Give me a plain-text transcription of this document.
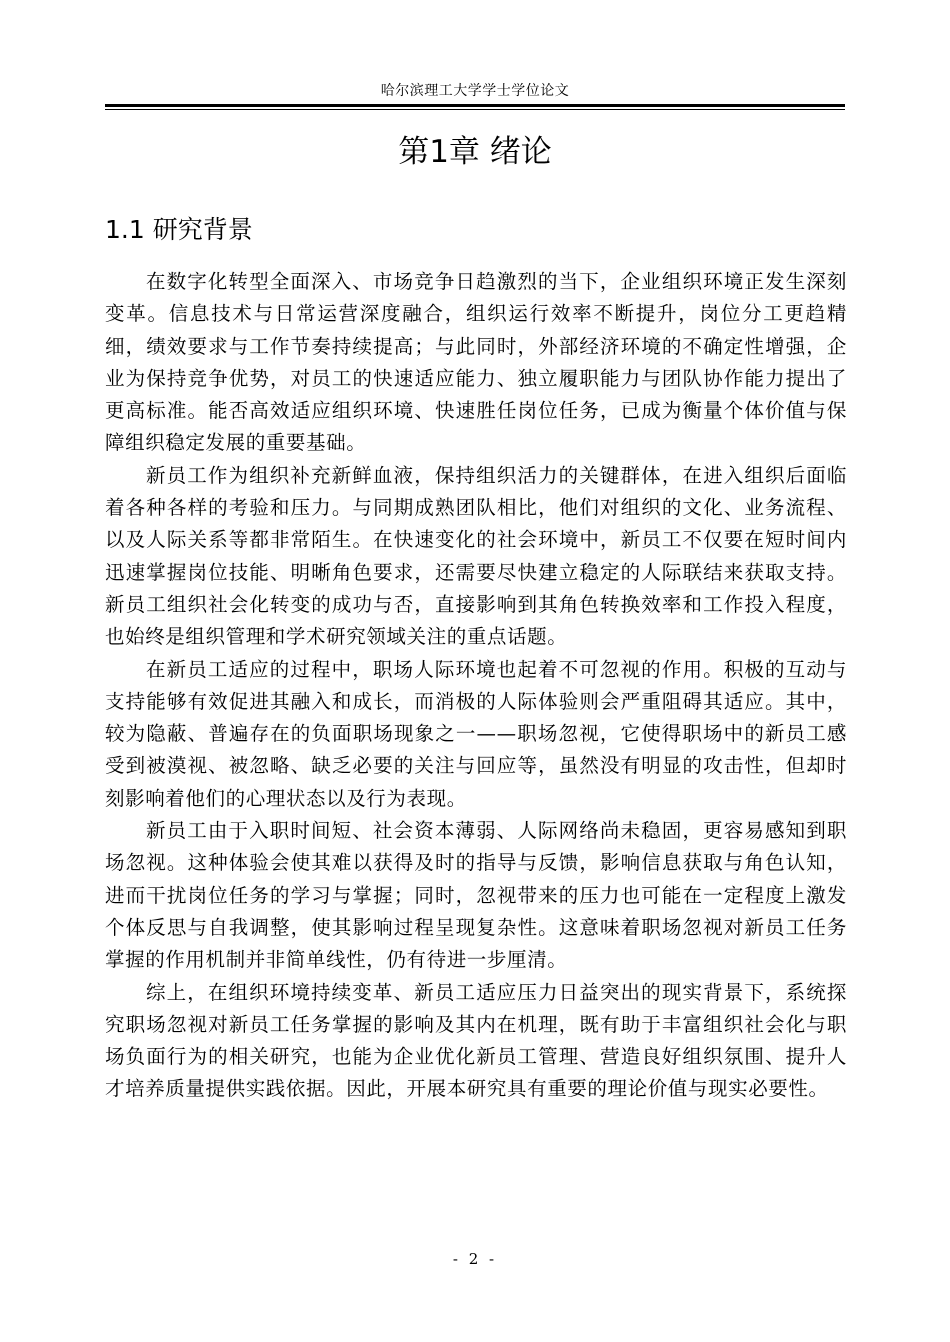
哈尔滨理工大学学士学位论文
第1章 绪论
1.1 研究背景

在数字化转型全面深入、市场竞争日趋激烈的当下，企业组织环境正发生深刻变革。信息技术与日常运营深度融合，组织运行效率不断提升，岗位分工更趋精细，绩效要求与工作节奏持续提高；与此同时，外部经济环境的不确定性增强，企业为保持竞争优势，对员工的快速适应能力、独立履职能力与团队协作能力提出了更高标准。能否高效适应组织环境、快速胜任岗位任务，已成为衡量个体价值与保障组织稳定发展的重要基础。

新员工作为组织补充新鲜血液，保持组织活力的关键群体，在进入组织后面临着各种各样的考验和压力。与同期成熟团队相比，他们对组织的文化、业务流程、以及人际关系等都非常陌生。在快速变化的社会环境中，新员工不仅要在短时间内迅速掌握岗位技能、明晰角色要求，还需要尽快建立稳定的人际联结来获取支持。新员工组织社会化转变的成功与否，直接影响到其角色转换效率和工作投入程度，也始终是组织管理和学术研究领域关注的重点话题。

在新员工适应的过程中，职场人际环境也起着不可忽视的作用。积极的互动与支持能够有效促进其融入和成长，而消极的人际体验则会严重阻碍其适应。其中，较为隐蔽、普遍存在的负面职场现象之一——职场忽视，它使得职场中的新员工感受到被漠视、被忽略、缺乏必要的关注与回应等，虽然没有明显的攻击性，但却时刻影响着他们的心理状态以及行为表现。

新员工由于入职时间短、社会资本薄弱、人际网络尚未稳固，更容易感知到职场忽视。这种体验会使其难以获得及时的指导与反馈，影响信息获取与角色认知，进而干扰岗位任务的学习与掌握；同时，忽视带来的压力也可能在一定程度上激发个体反思与自我调整，使其影响过程呈现复杂性。这意味着职场忽视对新员工任务掌握的作用机制并非简单线性，仍有待进一步厘清。

综上，在组织环境持续变革、新员工适应压力日益突出的现实背景下，系统探究职场忽视对新员工任务掌握的影响及其内在机理，既有助于丰富组织社会化与职场负面行为的相关研究，也能为企业优化新员工管理、营造良好组织氛围、提升人才培养质量提供实践依据。因此，开展本研究具有重要的理论价值与现实必要性。

- 2 -
